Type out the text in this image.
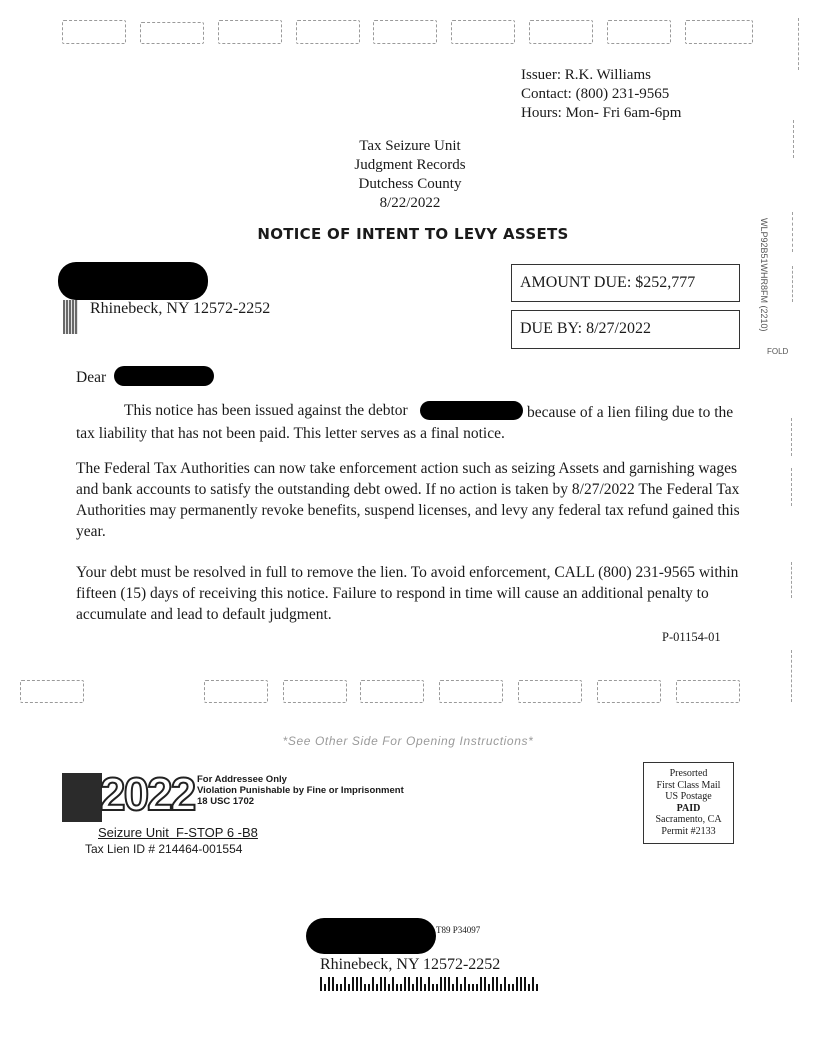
WLP92B51WHR8FM (2210)
FOLD
Issuer: R.K. Williams
Contact: (800) 231-9565
Hours: Mon- Fri 6am-6pm
Tax Seizure Unit
Judgment Records
Dutchess County
8/22/2022
NOTICE OF INTENT TO LEVY ASSETS
Rhinebeck, NY 12572-2252
AMOUNT DUE: $252,777
DUE BY: 8/27/2022
Dear
This notice has been issued against the debtor	because of a lien filing due to the tax liability that has not been paid. This letter serves as a final notice.
The Federal Tax Authorities can now take enforcement action such as seizing Assets and garnishing wages and bank accounts to satisfy the outstanding debt owed. If no action is taken by 8/27/2022 The Federal Tax Authorities may permanently revoke benefits, suspend licenses, and levy any federal tax refund gained this year.
Your debt must be resolved in full to remove the lien. To avoid enforcement, CALL (800) 231-9565 within fifteen (15) days of receiving this notice. Failure to respond in time will cause an additional penalty to accumulate and lead to default judgment.
P-01154-01
*See Other Side For Opening Instructions*
2022 For Addressee Only
Violation Punishable by Fine or Imprisonment
18 USC 1702
Seizure Unit  F-STOP 6 -B8
Tax Lien ID # 214464-001554
Presorted
First Class Mail
US Postage
PAID
Sacramento, CA
Permit #2133
T89 P34097
Rhinebeck, NY 12572-2252
